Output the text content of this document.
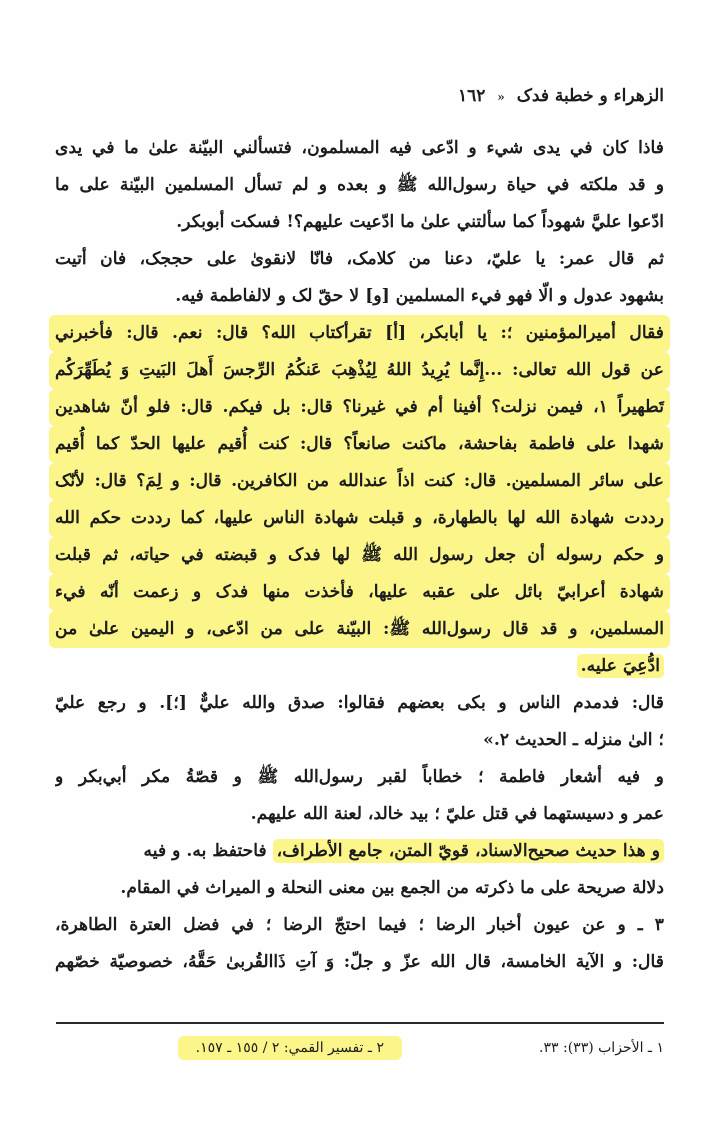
الزهراء و خطبة فدک « ١٦٢
فاذا كان في يدى شيء و ادّعى فيه المسلمون، فتسألني البيّنة علىٰ ما في يدى
و قد ملكته في حياة رسول‌الله ﷺ و بعده و لم تسأل المسلمين البيّنة على ما
ادّعوا عليَّ شهوداً كما سألتني علىٰ ما ادّعيت عليهم؟! فسكت أبوبكر.
ثم قال عمر: يا عليّ، دعنا من كلامک، فانّا لانقوىٰ على حججک، فان أتيت
بشهود عدول و الّا فهو فيء المسلمين [و] لا حقّ لک و لالفاطمة فيه.
فقال أميرالمؤمنين ؛: يا أبابكر، [أ] تقرأكتاب الله؟ قال: نعم. قال: فأخبرني
عن قول الله تعالى: ...إِنَّما يُرِيدُ اللهُ لِيُذْهِبَ عَنكُمُ الرِّجسَ أَهلَ البَيتِ وَ يُطَهِّرَكُم
تَطهيراً ١، فيمن نزلت؟ أفينا أم في غيرنا؟ قال: بل فيكم. قال: فلو أنّ شاهدين
شهدا على فاطمة بفاحشة، ماكنت صانعاً؟ قال: كنت أُقيم عليها الحدّ كما أُقيم
على سائر المسلمين. قال: كنت اذاً عندالله من الكافرين. قال: و لِمَ؟ قال: لأنّک
رددت شهادة الله لها بالطهارة، و قبلت شهادة الناس عليها، كما رددت حكم الله
و حكم رسوله أن جعل رسول الله ﷺ لها فدک و قبضته في حياته، ثم قبلت
شهادة أعرابيّ بائل على عقبه عليها، فأخذت منها فدک و زعمت أنّه فيء
المسلمين، و قد قال رسول‌الله ﷺ: البيّنة على من ادّعى، و اليمين علىٰ من
ادُّعِيَ عليه.
قال: فدمدم الناس و بكى بعضهم فقالوا: صدق والله عليٌّ [؛]. و رجع عليّ
؛ الىٰ منزله ـ الحديث ٢.»
و فيه أشعار فاطمة ؛ خطاباً لقبر رسول‌الله ﷺ و قصّةُ مكر أبي‌بكر و
عمر و دسيستهما في قتل عليّ ؛ بيد خالد، لعنة الله عليهم.
و هذا حديث صحيح‌الاسناد، قويّ المتن، جامع الأطراف، فاحتفظ به. و فيه
دلالة صريحة على ما ذكرته من الجمع بين معنى النحلة و الميراث في المقام.
٣ ـ و عن عيون أخبار الرضا ؛ فيما احتجّ الرضا ؛ في فضل العترة الطاهرة،
قال: و الآية الخامسة، قال الله عزّ و جلّ: وَ آتِ ذَاالقُربىٰ حَقَّهُ، خصوصيّة خصّهم
١ ـ الأحزاب (٣٣): ٣٣.
٢ ـ تفسير القمي: ٢ / ١٥٥ ـ ١٥٧.
